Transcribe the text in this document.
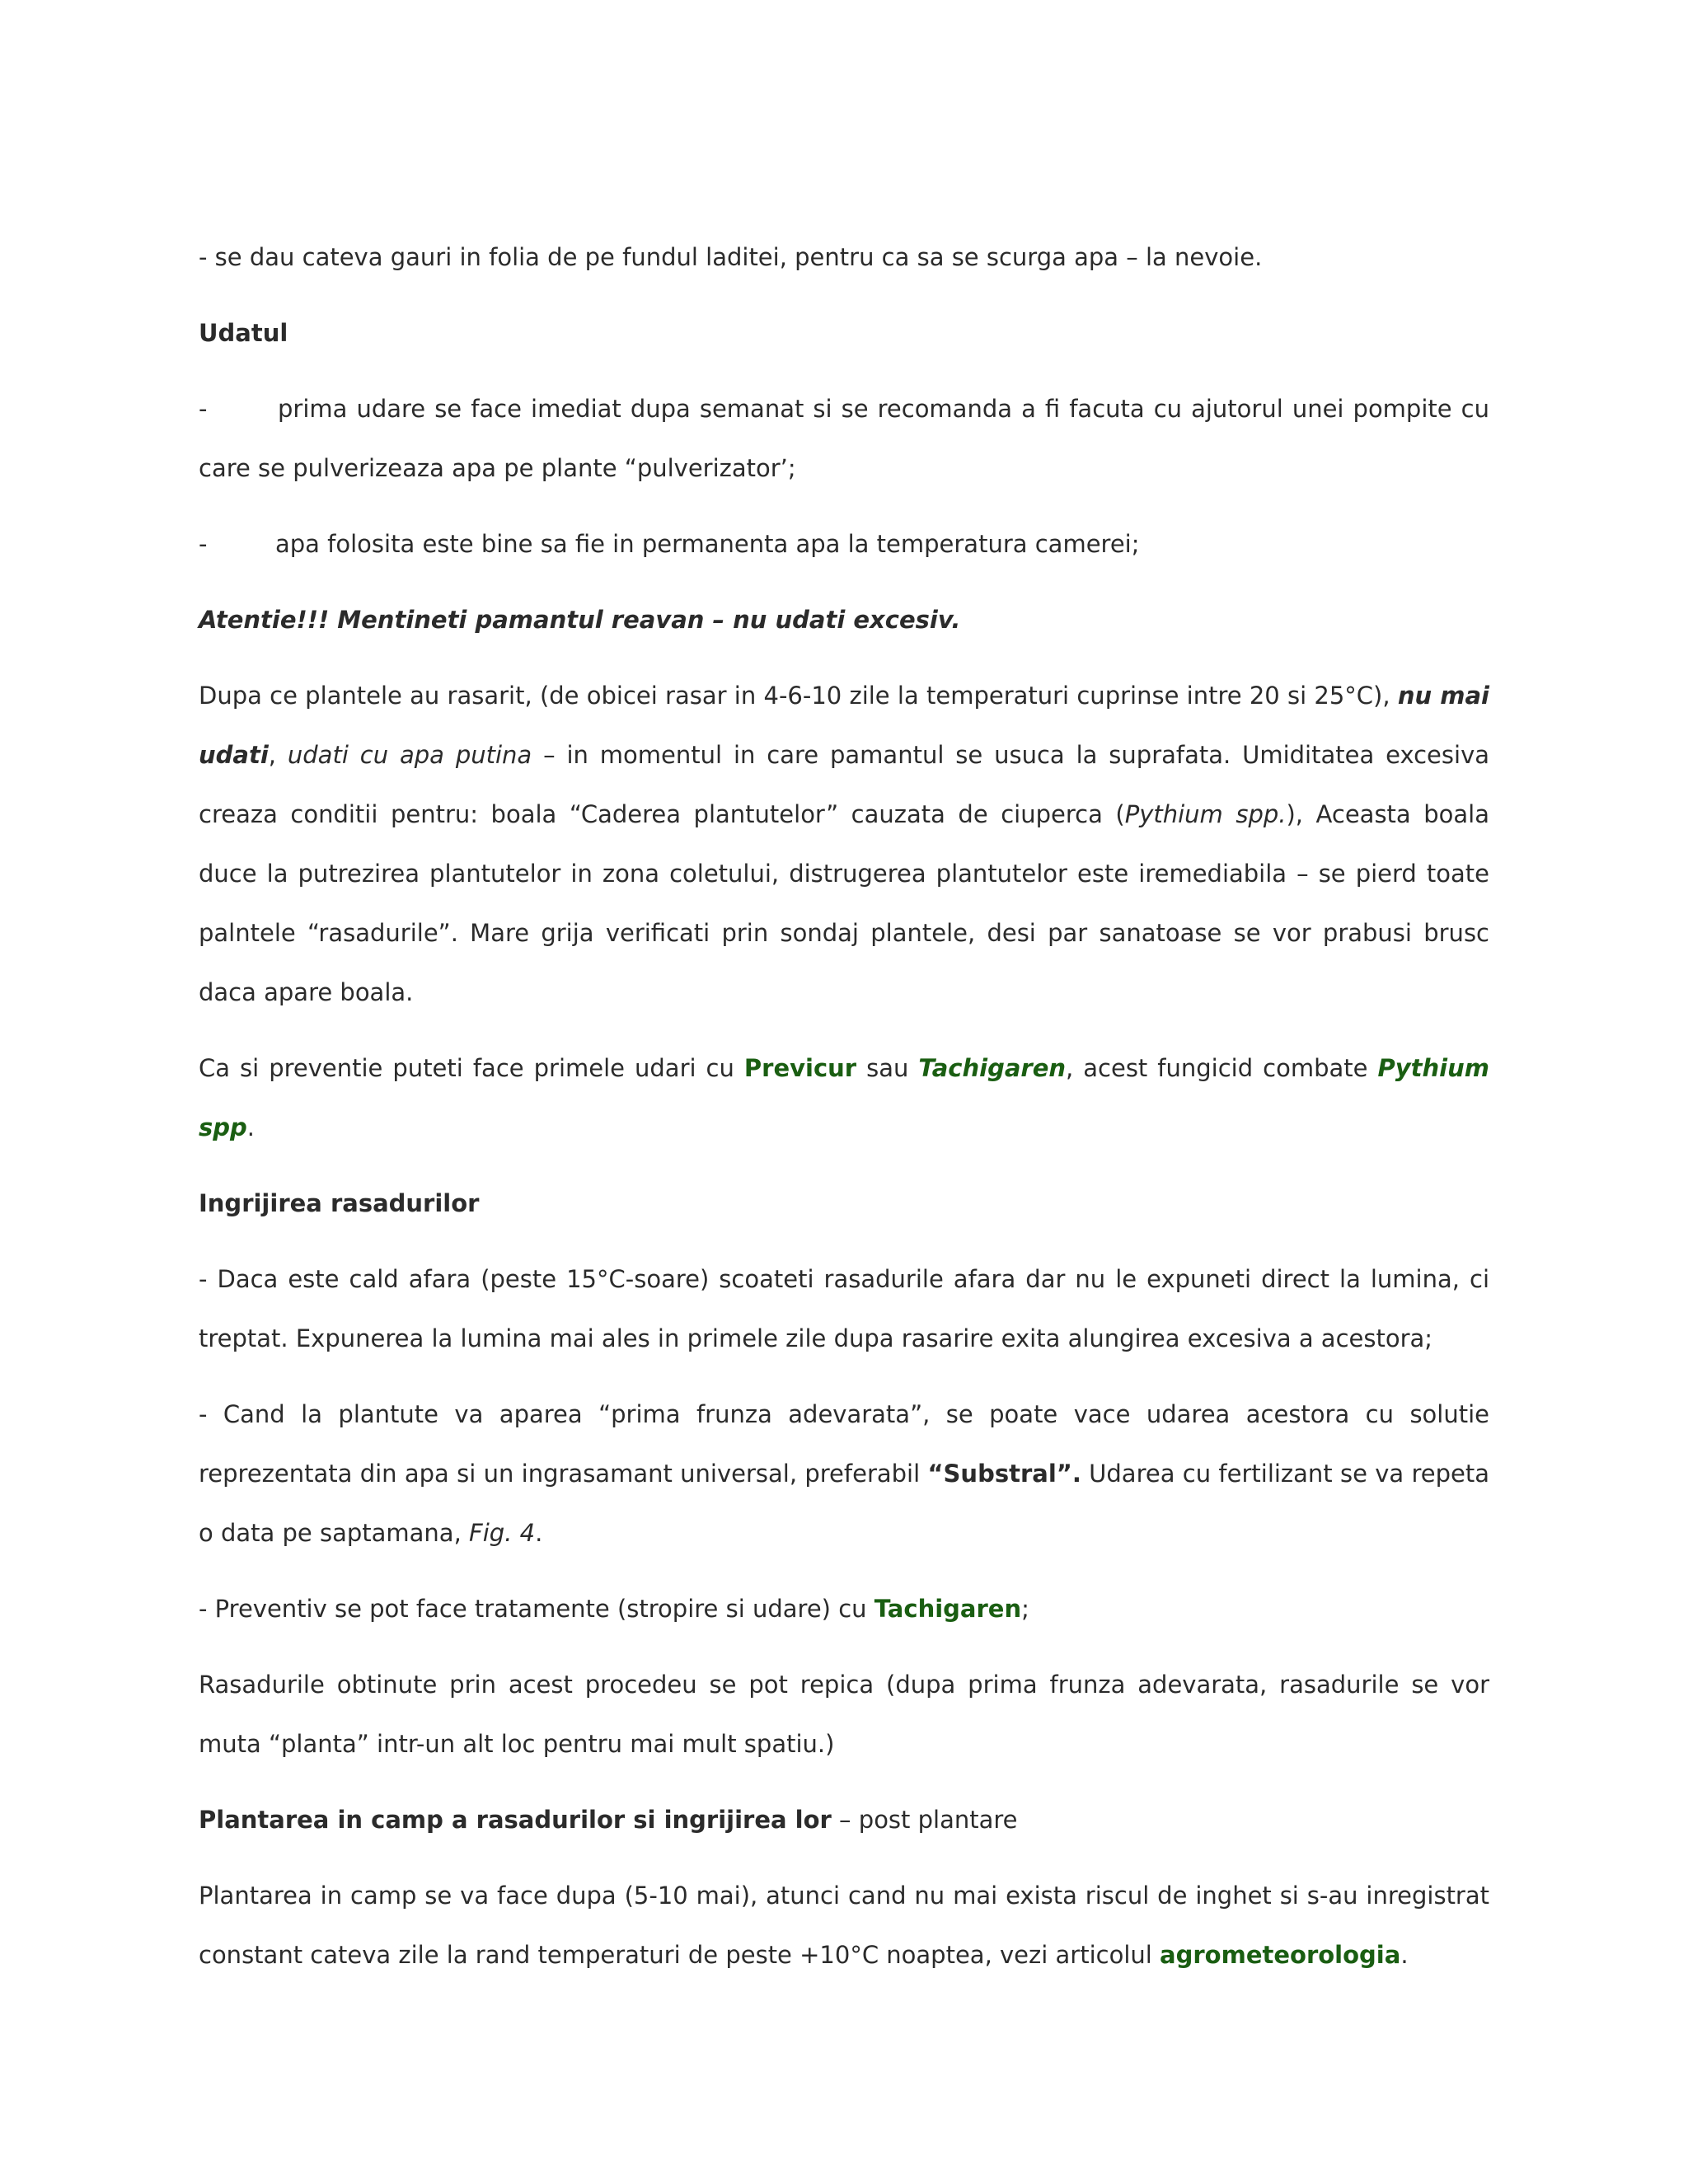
- se dau cateva gauri in folia de pe fundul laditei, pentru ca sa se scurga apa – la nevoie.

Udatul

-	prima udare se face imediat dupa semanat si se recomanda a fi facuta cu ajutorul unei pompite cu care se pulverizeaza apa pe plante “pulverizator’;

-	apa folosita este bine sa fie in permanenta apa la temperatura camerei;

Atentie!!! Mentineti pamantul reavan – nu udati excesiv.

Dupa ce plantele au rasarit, (de obicei rasar in 4-6-10 zile la temperaturi cuprinse intre 20 si 25°C), nu mai udati, udati cu apa putina – in momentul in care pamantul se usuca la suprafata. Umiditatea excesiva creaza conditii pentru: boala “Caderea plantutelor” cauzata de ciuperca (Pythium spp.), Aceasta boala duce la putrezirea plantutelor in zona coletului, distrugerea plantutelor este iremediabila – se pierd toate palntele “rasadurile”. Mare grija verificati prin sondaj plantele, desi par sanatoase se vor prabusi brusc daca apare boala.

Ca si preventie puteti face primele udari cu Previcur sau Tachigaren, acest fungicid combate Pythium spp.

Ingrijirea rasadurilor

- Daca este cald afara (peste 15°C-soare) scoateti rasadurile afara dar nu le expuneti direct la lumina, ci treptat. Expunerea la lumina mai ales in primele zile dupa rasarire exita alungirea excesiva a acestora;

- Cand la plantute va aparea “prima frunza adevarata”, se poate vace udarea acestora cu solutie reprezentata din apa si un ingrasamant universal, preferabil “Substral”. Udarea cu fertilizant se va repeta o data pe saptamana, Fig. 4.

- Preventiv se pot face tratamente (stropire si udare) cu Tachigaren;

Rasadurile obtinute prin acest procedeu se pot repica (dupa prima frunza adevarata, rasadurile se vor muta “planta” intr-un alt loc pentru mai mult spatiu.)

Plantarea in camp a rasadurilor si ingrijirea lor – post plantare

Plantarea in camp se va face dupa (5-10 mai), atunci cand nu mai exista riscul de inghet si s-au inregistrat constant cateva zile la rand temperaturi de peste +10°C noaptea, vezi articolul agrometeorologia.
